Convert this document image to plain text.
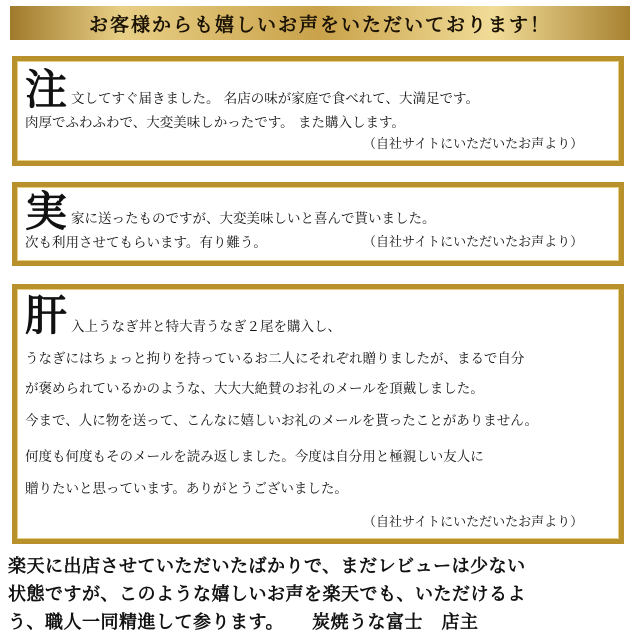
お客様からも嬉しいお声をいただいております！
注 文してすぐ届きました。 名店の味が家庭で食べれて、大満足です。
肉厚でふわふわで、大変美味しかったです。 また購入します。
（自社サイトにいただいたお声より）
実 家に送ったものですが、大変美味しいと喜んで貰いました。
次も利用させてもらいます。有り難う。	（自社サイトにいただいたお声より）
肝 入上うなぎ丼と特大青うなぎ２尾を購入し、
うなぎにはちょっと拘りを持っているお二人にそれぞれ贈りましたが、まるで自分
が褒められているかのような、大大大絶賛のお礼のメールを頂戴しました。
今まで、人に物を送って、こんなに嬉しいお礼のメールを貰ったことがありません。
何度も何度もそのメールを読み返しました。今度は自分用と極親しい友人に
贈りたいと思っています。ありがとうございました。
（自社サイトにいただいたお声より）
楽天に出店させていただいたばかりで、まだレビューは少ない
状態ですが、このような嬉しいお声を楽天でも、いただけるよ
う、職人一同精進して参ります。　　炭焼うな富士　店主
